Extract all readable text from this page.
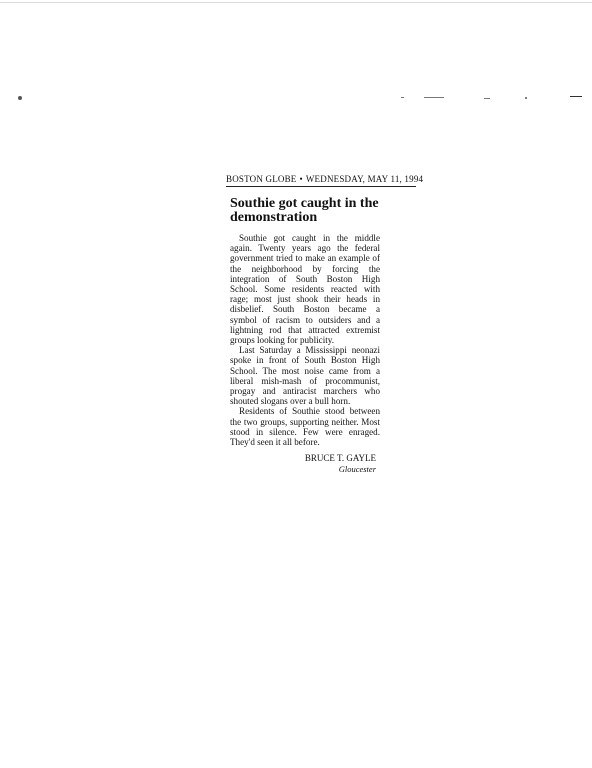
BOSTON GLOBE • WEDNESDAY, MAY 11, 1994
Southie got caught in the demonstration

Southie got caught in the middle again. Twenty years ago the federal government tried to make an example of the neighborhood by forcing the integration of South Boston High School. Some residents reacted with rage; most just shook their heads in disbelief. South Boston became a symbol of racism to outsiders and a lightning rod that attracted extremist groups looking for publicity.

Last Saturday a Mississippi neonazi spoke in front of South Boston High School. The most noise came from a liberal mish-mash of procommunist, progay and antiracist marchers who shouted slogans over a bull horn.

Residents of Southie stood between the two groups, supporting neither. Most stood in silence. Few were enraged. They'd seen it all before.

BRUCE T. GAYLE
Gloucester
